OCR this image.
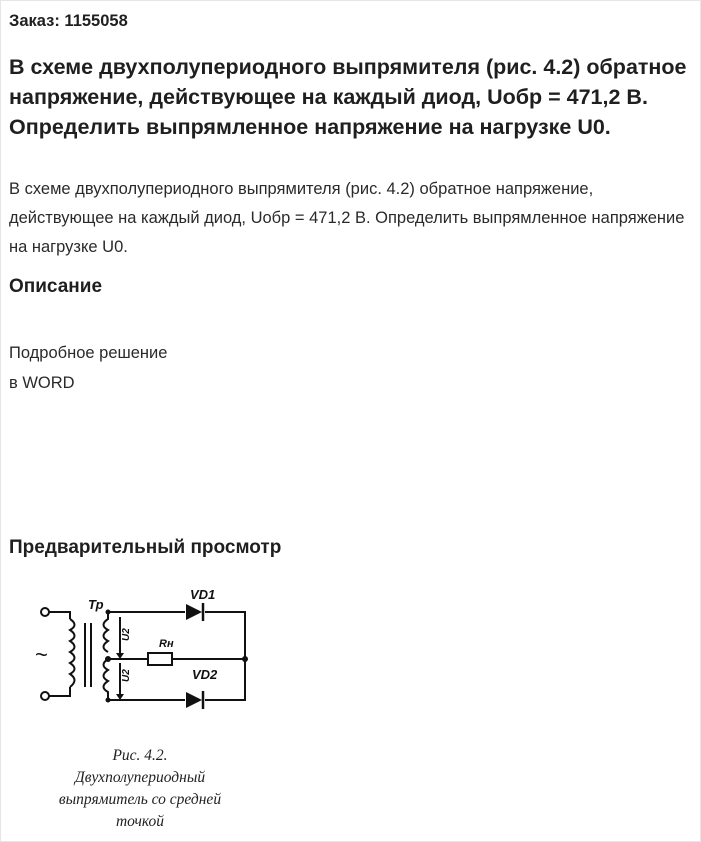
Заказ: 1155058
В схеме двухполупериодного выпрямителя (рис. 4.2) обратное напряжение, действующее на каждый диод, Uобр = 471,2 В. Определить выпрямленное напряжение на нагрузке U0.
В схеме двухполупериодного выпрямителя (рис. 4.2) обратное напряжение, действующее на каждый диод, Uобр = 471,2 В. Определить выпрямленное напряжение на нагрузке U0.
Описание
Подробное решение
в WORD
Предварительный просмотр
Тр
VD1
VD2
Rн
U2
U2
~
Рис. 4.2.
Двухполупериодный
выпрямитель со средней
точкой
